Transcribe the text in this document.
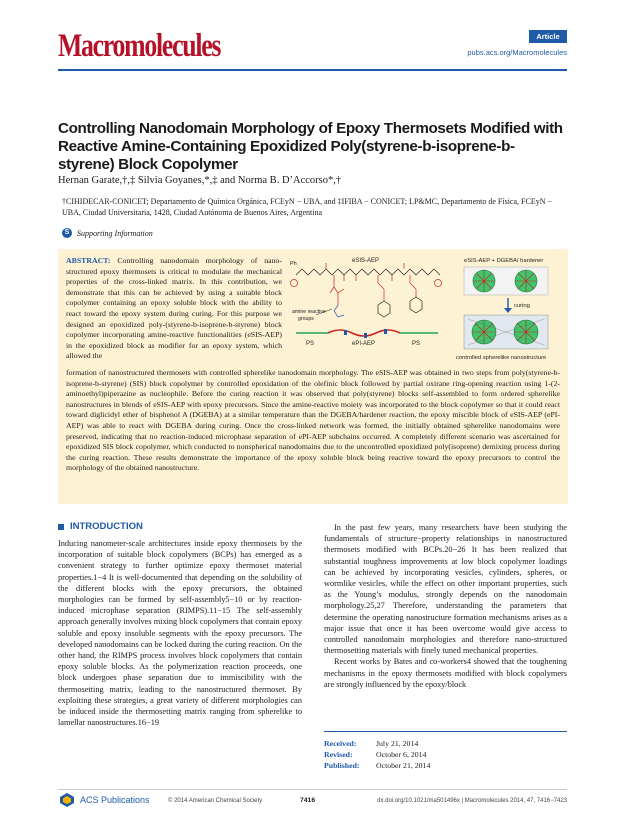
Macromolecules	Article
pubs.acs.org/Macromolecules
Controlling Nanodomain Morphology of Epoxy Thermosets Modified with Reactive Amine-Containing Epoxidized Poly(styrene-b-isoprene-b-styrene) Block Copolymer
Hernan Garate,†,‡ Silvia Goyanes,*,‡ and Norma B. D’Accorso*,†
†CIHIDECAR-CONICET; Departamento de Química Orgánica, FCEyN − UBA, and ‡IFIBA − CONICET; LP&MC, Departamento de Física, FCEyN − UBA, Ciudad Universitaria, 1428, Ciudad Autónoma de Buenos Aires, Argentina
S Supporting Information
ABSTRACT: Controlling nanodomain morphology of nano-structured epoxy thermosets is critical to modulate the mechanical properties of the cross-linked matrix. In this contribution, we demonstrate that this can be achieved by using a suitable block copolymer containing an epoxy soluble block with the ability to react toward the epoxy system during curing. For this purpose we designed an epoxidized poly-(styrene-b-isoprene-b-styrene) block copolymer incorporating amine-reactive functionalities (eSIS-AEP) in the epoxidized block as modifier for an epoxy system, which allowed the
Ph	eSIS-AEP
amine reactive
groups
PS	ePI-AEP	PS
eSIS-AEP + DGEBA/ hardener
curing
controlled spherelike nanostructure
formation of nanostructured thermosets with controlled spherelike nanodomain morphology. The eSIS-AEP was obtained in two steps from poly(styrene-b-isoprene-b-styrene) (SIS) block copolymer by controlled epoxidation of the olefinic block followed by partial oxirane ring-opening reaction using 1-(2-aminoethyl)piperazine as nucleophile. Before the curing reaction it was observed that poly(styrene) blocks self-assembled to form ordered spherelike nanostructures in blends of eSIS-AEP with epoxy precursors. Since the amine-reactive moiety was incorporated to the block copolymer so that it could react toward diglicidyl ether of bisphenol A (DGEBA) at a similar temperature than the DGEBA/hardener reaction, the epoxy miscible block of eSIS-AEP (ePI-AEP) was able to react with DGEBA during curing. Once the cross-linked network was formed, the initially obtained spherelike nanodomains were preserved, indicating that no reaction-induced microphase separation of ePI-AEP subchains occurred. A completely different scenario was ascertained for epoxidized SIS block copolymer, which conducted to nonspherical nanodomains due to the uncontrolled epoxidized poly(isoprene) demixing process during the curing reaction. These results demonstrate the importance of the epoxy soluble block being reactive toward the epoxy precursors to control the morphology of the obtained nanostructure.
INTRODUCTION
Inducing nanometer-scale architectures inside epoxy thermosets by the incorporation of suitable block copolymers (BCPs) has emerged as a convenient strategy to further optimize epoxy thermoset material properties.1−4 It is well-documented that depending on the solubility of the different blocks with the epoxy precursors, the obtained morphologies can be formed by self-assembly5−10 or by reaction-induced microphase separation (RIMPS).11−15 The self-assembly approach generally involves mixing block copolymers that contain epoxy soluble and epoxy insoluble segments with the epoxy precursors. The developed nanodomains can be locked during the curing reaction. On the other hand, the RIMPS process involves block copolymers that contain epoxy soluble blocks. As the polymerization reaction proceeds, one block undergoes phase separation due to immiscibility with the thermosetting matrix, leading to the nanostructured thermoset. By exploiting these strategies, a great variety of different morphologies can be induced inside the thermosetting matrix ranging from spherelike to lamellar nanostructures.16−19

In the past few years, many researchers have been studying the fundamentals of structure−property relationships in nanostructured thermosets modified with BCPs.20−26 It has been realized that substantial toughness improvements at low block copolymer loadings can be achieved by incorporating vesicles, cylinders, spheres, or wormlike vesicles, while the effect on other important properties, such as the Young’s modulus, strongly depends on the nanodomain morphology.25,27 Therefore, understanding the parameters that determine the operating nanostructure formation mechanisms arises as a major issue that once it has been overcome would give access to controlled nanodomain morphologies and therefore nano-structured thermosetting materials with finely tuned mechanical properties.

Recent works by Bates and co-workers4 showed that the toughening mechanisms in the epoxy thermosets modified with block copolymers are strongly influenced by the epoxy/block

Received:	July 21, 2014
Revised:	October 6, 2014
Published: October 21, 2014
ACS Publications	© 2014 American Chemical Society	7416	dx.doi.org/10.1021/ma501496x | Macromolecules 2014, 47, 7416−7423
